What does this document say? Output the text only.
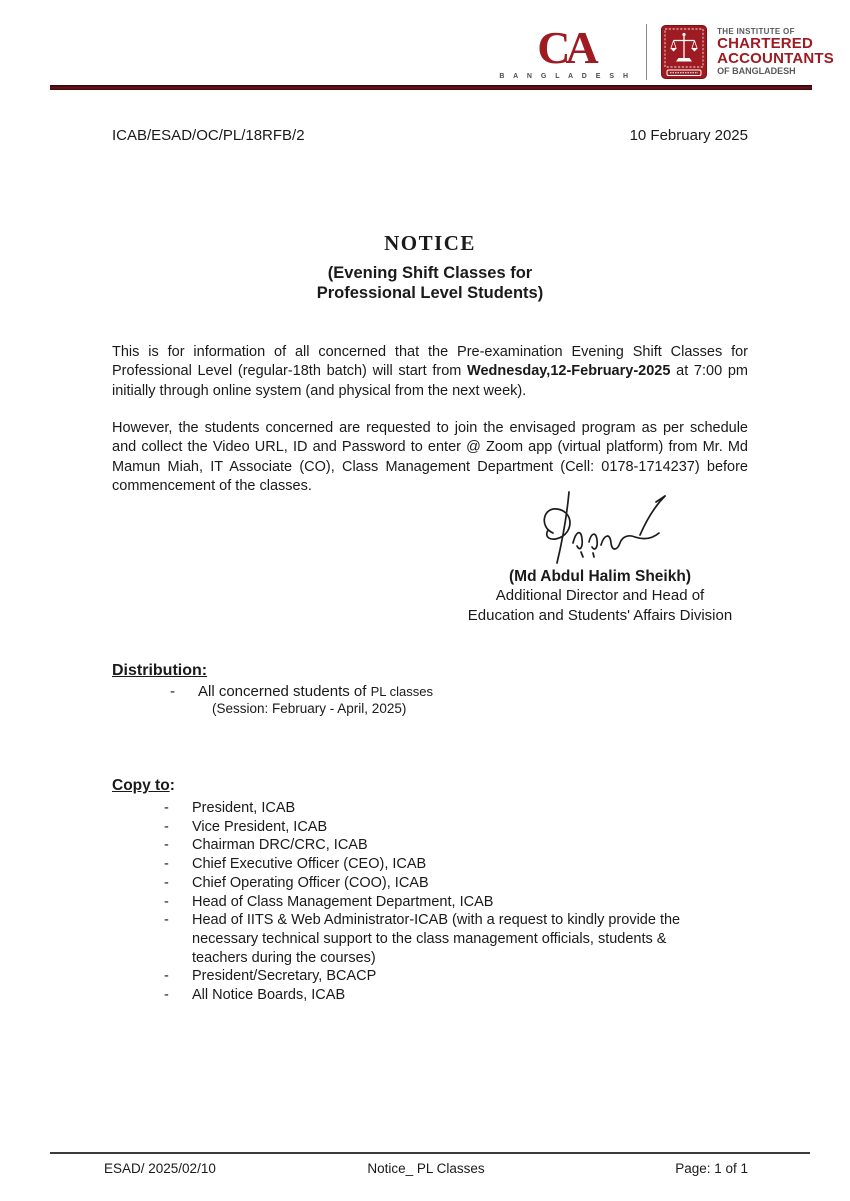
CA
B A N G L A D E S H
THE INSTITUTE OF
CHARTERED
ACCOUNTANTS
OF BANGLADESH
ICAB/ESAD/OC/PL/18RFB/2	10 February 2025
NOTICE
(Evening Shift Classes for
Professional Level Students)

This is for information of all concerned that the Pre-examination Evening Shift Classes for Professional Level (regular-18th batch) will start from Wednesday,12-February-2025 at 7:00 pm initially through online system (and physical from the next week).

However, the students concerned are requested to join the envisaged program as per schedule and collect the Video URL, ID and Password to enter @ Zoom app (virtual platform) from Mr. Md Mamun Miah, IT Associate (CO), Class Management Department (Cell: 0178-1714237) before commencement of the classes.

(Md Abdul Halim Sheikh)
Additional Director and Head of
Education and Students' Affairs Division
Distribution:
-	All concerned students of PL classes
(Session: February - April, 2025)
Copy to:
-	President, ICAB
-	Vice President, ICAB
-	Chairman DRC/CRC, ICAB
-	Chief Executive Officer (CEO), ICAB
-	Chief Operating Officer (COO), ICAB
-	Head of Class Management Department, ICAB
-	Head of IITS & Web Administrator-ICAB (with a request to kindly provide the necessary technical support to the class management officials, students & teachers during the courses)
-	President/Secretary, BCACP
-	All Notice Boards, ICAB
Notice_ PL Classes
ESAD/ 2025/02/10	Page: 1 of 1
